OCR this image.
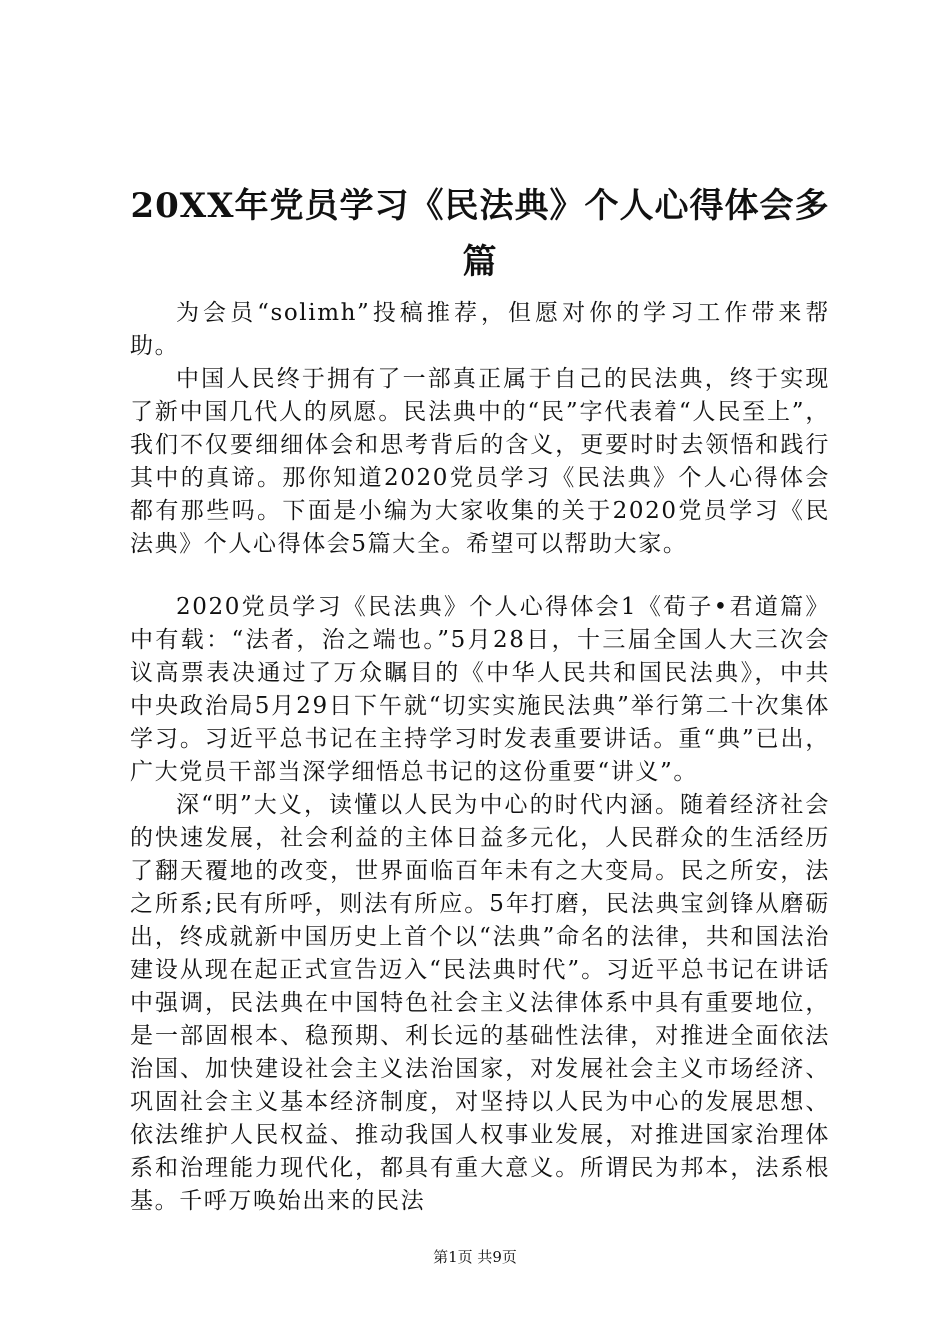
20XX年党员学习《民法典》个人心得体会多篇

为会员“solimh”投稿推荐，但愿对你的学习工作带来帮助。

中国人民终于拥有了一部真正属于自己的民法典，终于实现了新中国几代人的夙愿。民法典中的“民”字代表着“人民至上”，我们不仅要细细体会和思考背后的含义，更要时时去领悟和践行其中的真谛。那你知道2020党员学习《民法典》个人心得体会都有那些吗。下面是小编为大家收集的关于2020党员学习《民法典》个人心得体会5篇大全。希望可以帮助大家。

2020党员学习《民法典》个人心得体会1《荀子•君道篇》中有载：“法者，治之端也。”5月28日，十三届全国人大三次会议高票表决通过了万众瞩目的《中华人民共和国民法典》，中共中央政治局5月29日下午就“切实实施民法典”举行第二十次集体学习。习近平总书记在主持学习时发表重要讲话。重“典”已出，广大党员干部当深学细悟总书记的这份重要“讲义”。

深“明”大义，读懂以人民为中心的时代内涵。随着经济社会的快速发展，社会利益的主体日益多元化，人民群众的生活经历了翻天覆地的改变，世界面临百年未有之大变局。民之所安，法之所系;民有所呼，则法有所应。5年打磨，民法典宝剑锋从磨砺出，终成就新中国历史上首个以“法典”命名的法律，共和国法治建设从现在起正式宣告迈入“民法典时代”。习近平总书记在讲话中强调，民法典在中国特色社会主义法律体系中具有重要地位，是一部固根本、稳预期、利长远的基础性法律，对推进全面依法治国、加快建设社会主义法治国家，对发展社会主义市场经济、巩固社会主义基本经济制度，对坚持以人民为中心的发展思想、依法维护人民权益、推动我国人权事业发展，对推进国家治理体系和治理能力现代化，都具有重大意义。所谓民为邦本，法系根基。千呼万唤始出来的民法

第1页 共9页
